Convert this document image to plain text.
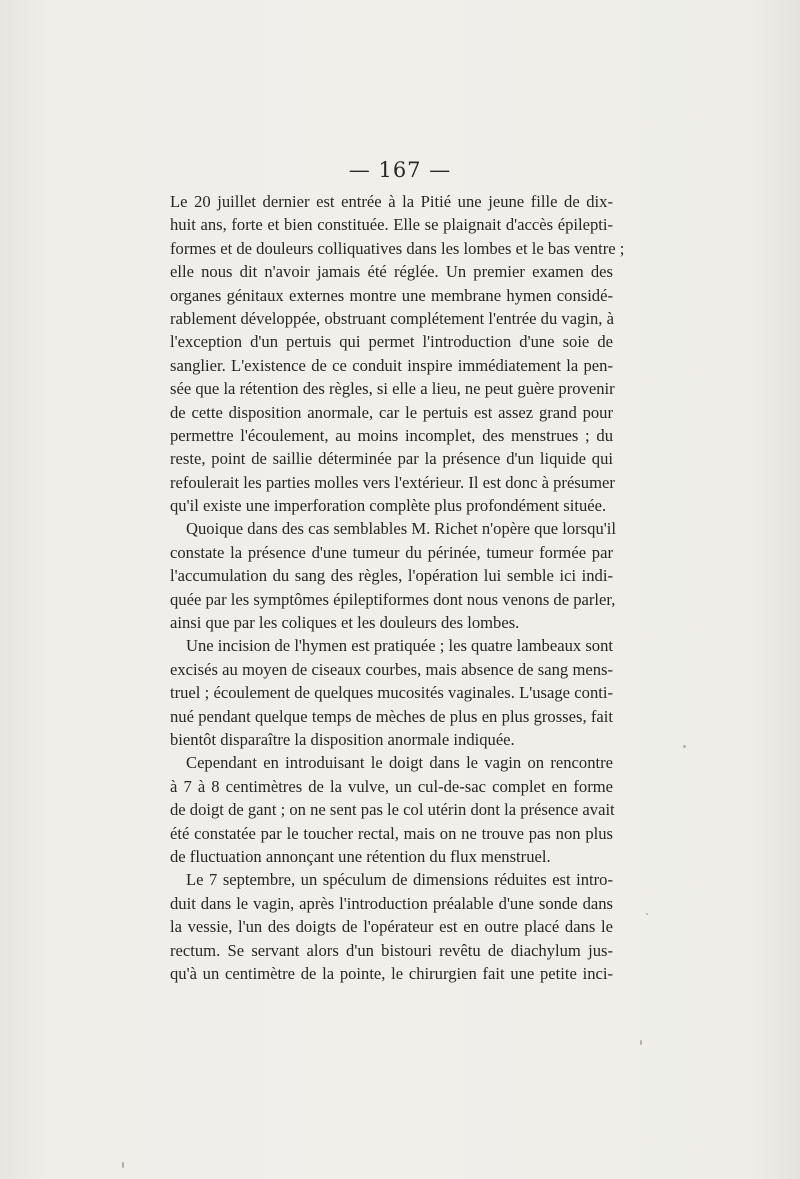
— 167 —
Le 20 juillet dernier est entrée à la Pitié une jeune fille de dix-
huit ans, forte et bien constituée. Elle se plaignait d'accès épilepti-
formes et de douleurs colliquatives dans les lombes et le bas ventre ;
elle nous dit n'avoir jamais été réglée. Un premier examen des
organes génitaux externes montre une membrane hymen considé-
rablement développée, obstruant complétement l'entrée du vagin, à
l'exception d'un pertuis qui permet l'introduction d'une soie de
sanglier. L'existence de ce conduit inspire immédiatement la pen-
sée que la rétention des règles, si elle a lieu, ne peut guère provenir
de cette disposition anormale, car le pertuis est assez grand pour
permettre l'écoulement, au moins incomplet, des menstrues ; du
reste, point de saillie déterminée par la présence d'un liquide qui
refoulerait les parties molles vers l'extérieur. Il est donc à présumer
qu'il existe une imperforation complète plus profondément située.
Quoique dans des cas semblables M. Richet n'opère que lorsqu'il
constate la présence d'une tumeur du périnée, tumeur formée par
l'accumulation du sang des règles, l'opération lui semble ici indi-
quée par les symptômes épileptiformes dont nous venons de parler,
ainsi que par les coliques et les douleurs des lombes.
Une incision de l'hymen est pratiquée ; les quatre lambeaux sont
excisés au moyen de ciseaux courbes, mais absence de sang mens-
truel ; écoulement de quelques mucosités vaginales. L'usage conti-
nué pendant quelque temps de mèches de plus en plus grosses, fait
bientôt disparaître la disposition anormale indiquée.
Cependant en introduisant le doigt dans le vagin on rencontre
à 7 à 8 centimètres de la vulve, un cul-de-sac complet en forme
de doigt de gant ; on ne sent pas le col utérin dont la présence avait
été constatée par le toucher rectal, mais on ne trouve pas non plus
de fluctuation annonçant une rétention du flux menstruel.
Le 7 septembre, un spéculum de dimensions réduites est intro-
duit dans le vagin, après l'introduction préalable d'une sonde dans
la vessie, l'un des doigts de l'opérateur est en outre placé dans le
rectum. Se servant alors d'un bistouri revêtu de diachylum jus-
qu'à un centimètre de la pointe, le chirurgien fait une petite inci-
